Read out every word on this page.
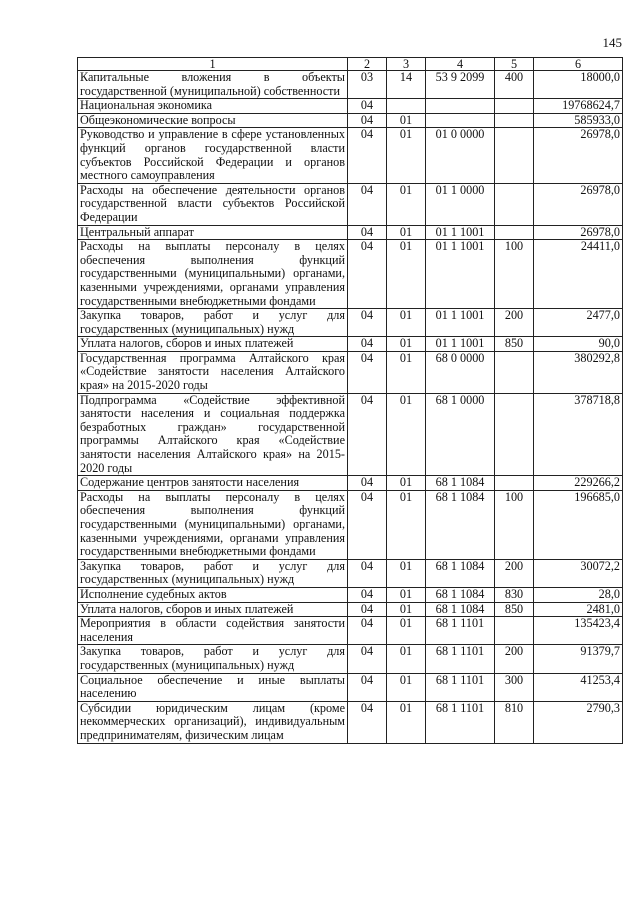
145
1	2	3	4	5	6
Капитальные вложения в объекты государственной (муниципальной) собственности	03	14	53 9 2099	400	18000,0
Национальная экономика	04				19768624,7
Общеэкономические вопросы	04	01			585933,0
Руководство и управление в сфере установленных функций органов государственной власти субъектов Российской Федерации и органов местного самоуправления	04	01	01 0 0000		26978,0
Расходы на обеспечение деятельности органов государственной власти субъектов Российской Федерации	04	01	01 1 0000		26978,0
Центральный аппарат	04	01	01 1 1001		26978,0
Расходы на выплаты персоналу в целях обеспечения выполнения функций государственными (муниципальными) органами, казенными учреждениями, органами управления государственными внебюджетными фондами	04	01	01 1 1001	100	24411,0
Закупка товаров, работ и услуг для государственных (муниципальных) нужд	04	01	01 1 1001	200	2477,0
Уплата налогов, сборов и иных платежей	04	01	01 1 1001	850	90,0
Государственная программа Алтайского края «Содействие занятости населения Алтайского края» на 2015-2020 годы	04	01	68 0 0000		380292,8
Подпрограмма «Содействие эффективной занятости населения и социальная поддержка безработных граждан» государственной программы Алтайского края «Содействие занятости населения Алтайского края» на 2015-2020 годы	04	01	68 1 0000		378718,8
Содержание центров занятости населения	04	01	68 1 1084		229266,2
Расходы на выплаты персоналу в целях обеспечения выполнения функций государственными (муниципальными) органами, казенными учреждениями, органами управления государственными внебюджетными фондами	04	01	68 1 1084	100	196685,0
Закупка товаров, работ и услуг для государственных (муниципальных) нужд	04	01	68 1 1084	200	30072,2
Исполнение судебных актов	04	01	68 1 1084	830	28,0
Уплата налогов, сборов и иных платежей	04	01	68 1 1084	850	2481,0
Мероприятия в области содействия занятости населения	04	01	68 1 1101		135423,4
Закупка товаров, работ и услуг для государственных (муниципальных) нужд	04	01	68 1 1101	200	91379,7
Социальное обеспечение и иные выплаты населению	04	01	68 1 1101	300	41253,4
Субсидии юридическим лицам (кроме некоммерческих организаций), индивидуальным предпринимателям, физическим лицам	04	01	68 1 1101	810	2790,3
